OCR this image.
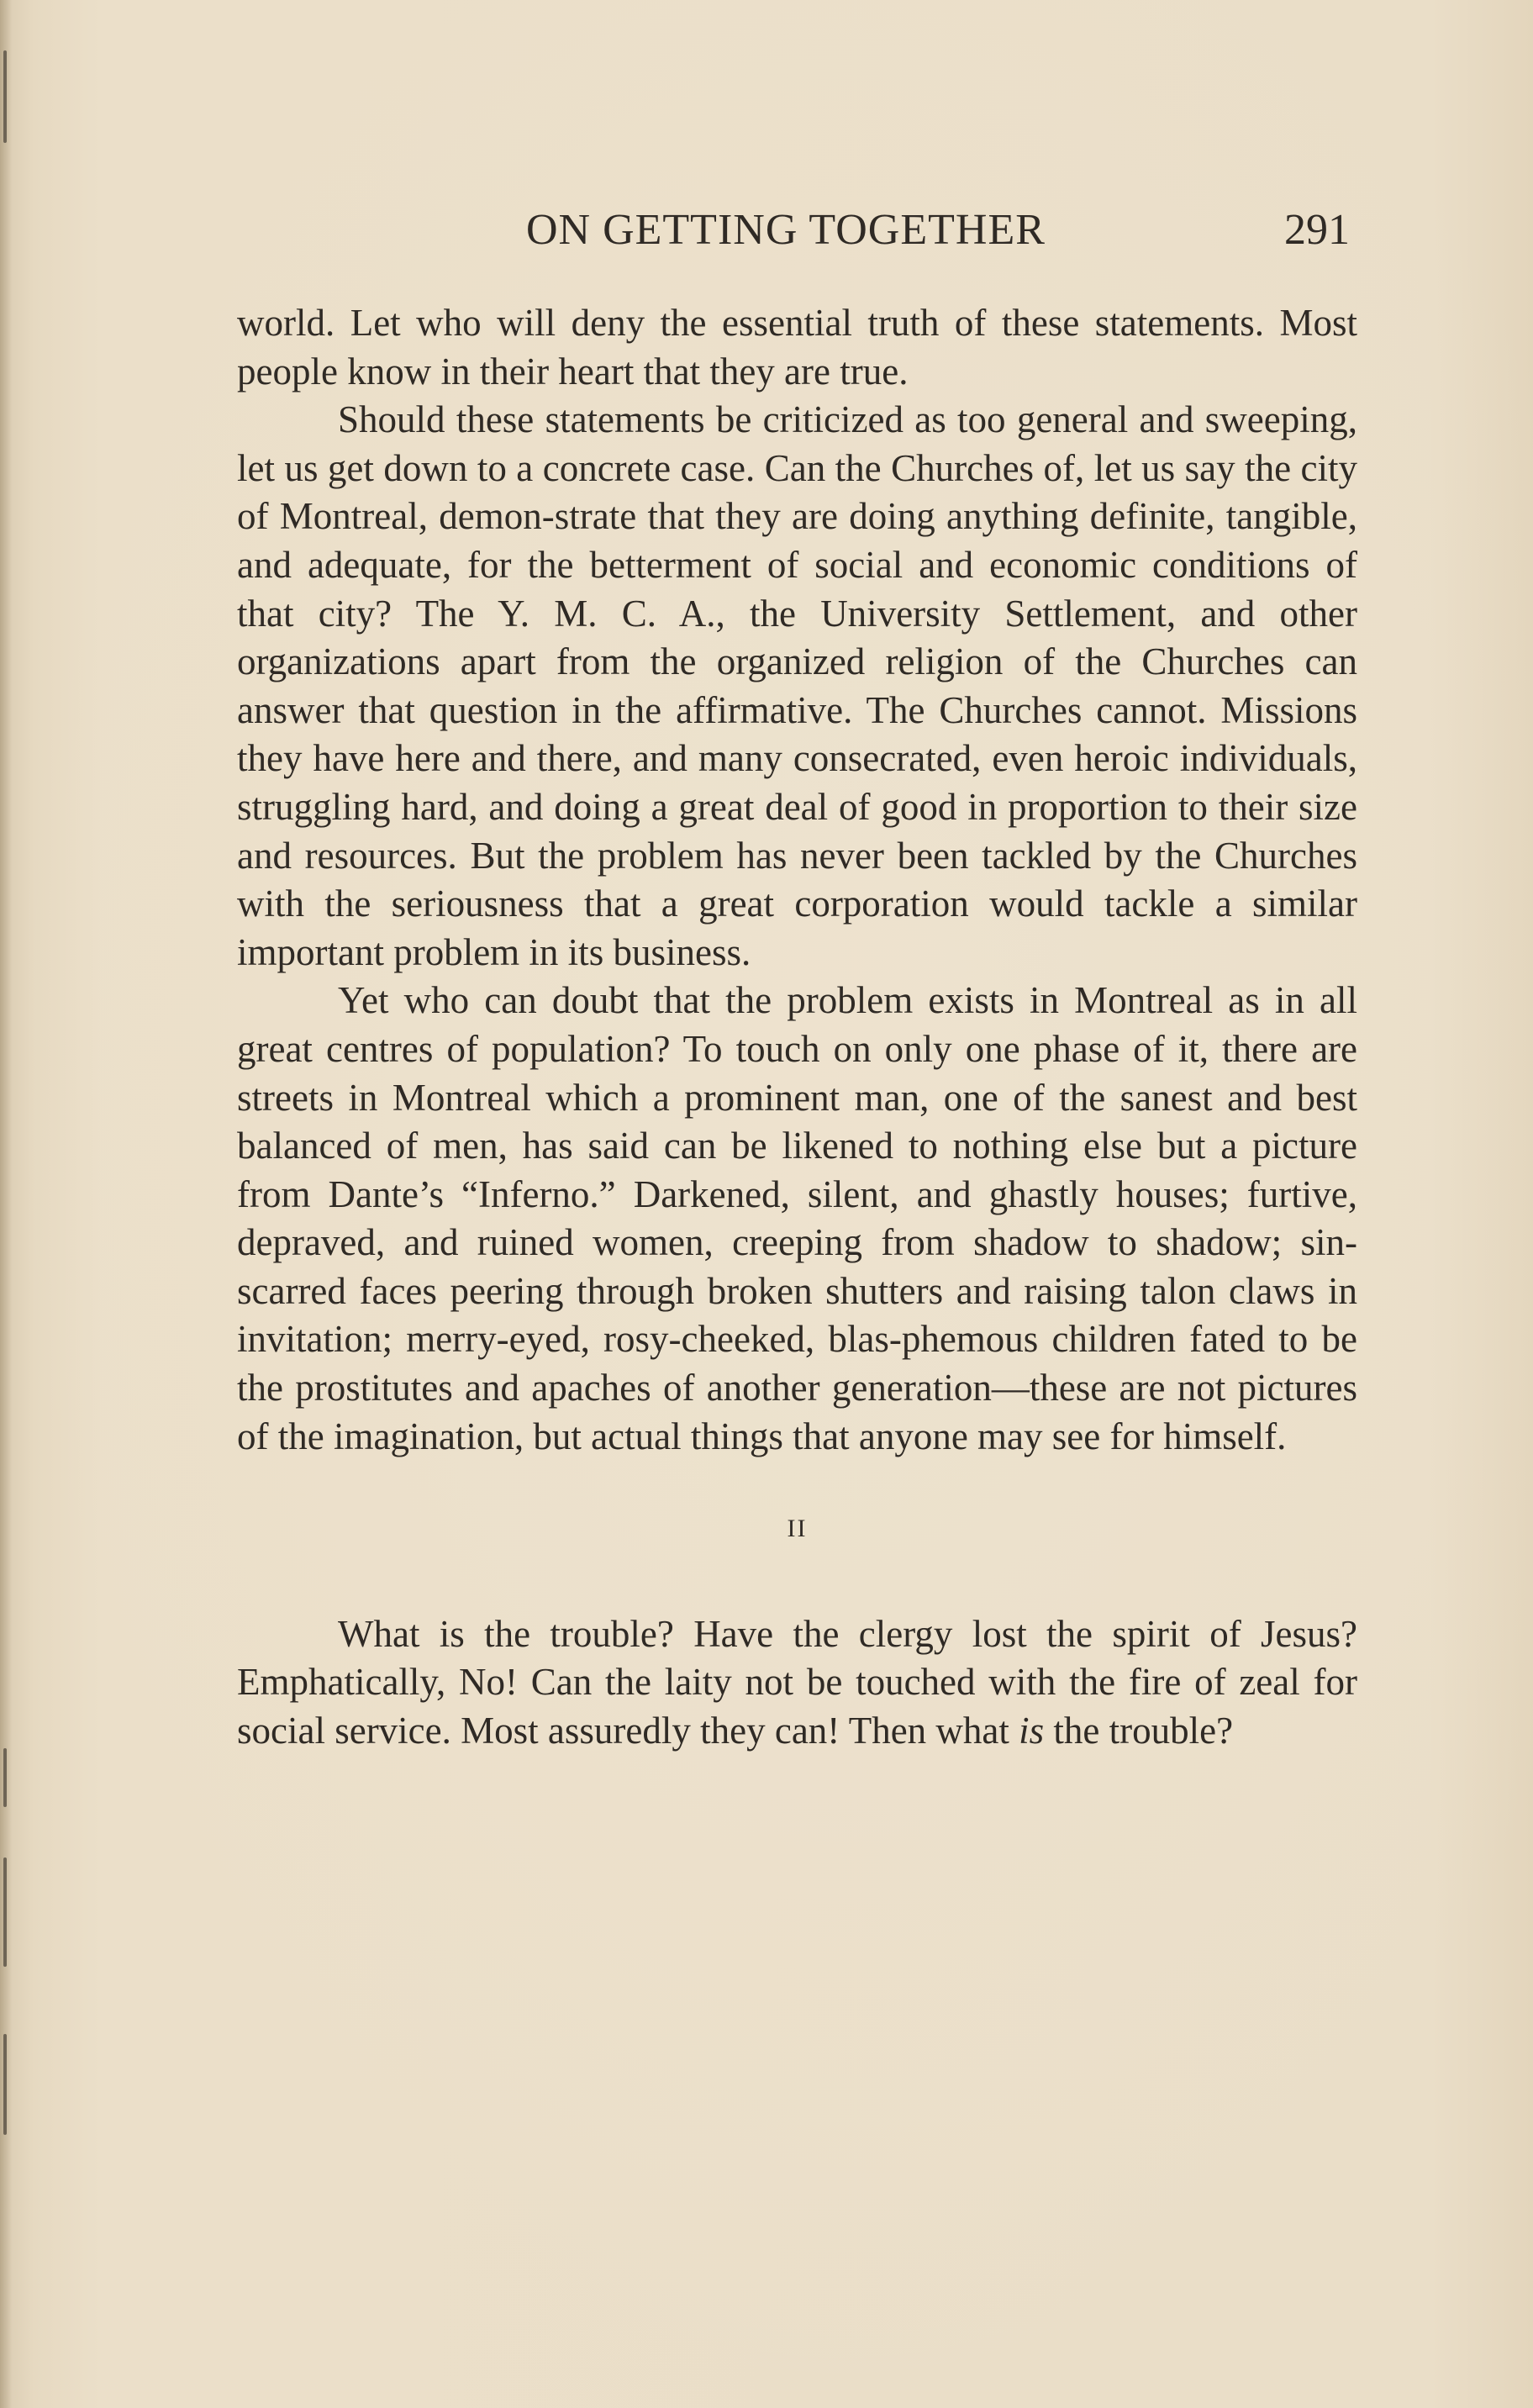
ON GETTING TOGETHER	291

world. Let who will deny the essential truth of these statements. Most people know in their heart that they are true.

Should these statements be criticized as too general and sweeping, let us get down to a concrete case. Can the Churches of, let us say the city of Montreal, demon-strate that they are doing anything definite, tangible, and adequate, for the betterment of social and economic conditions of that city? The Y. M. C. A., the University Settlement, and other organizations apart from the organized religion of the Churches can answer that question in the affirmative. The Churches cannot. Missions they have here and there, and many consecrated, even heroic individuals, struggling hard, and doing a great deal of good in proportion to their size and resources. But the problem has never been tackled by the Churches with the seriousness that a great corporation would tackle a similar important problem in its business.

Yet who can doubt that the problem exists in Montreal as in all great centres of population? To touch on only one phase of it, there are streets in Montreal which a prominent man, one of the sanest and best balanced of men, has said can be likened to nothing else but a picture from Dante’s “Inferno.” Darkened, silent, and ghastly houses; furtive, depraved, and ruined women, creeping from shadow to shadow; sin-scarred faces peering through broken shutters and raising talon claws in invitation; merry-eyed, rosy-cheeked, blas-phemous children fated to be the prostitutes and apaches of another generation—these are not pictures of the imagination, but actual things that anyone may see for himself.

II

What is the trouble? Have the clergy lost the spirit of Jesus? Emphatically, No! Can the laity not be touched with the fire of zeal for social service. Most assuredly they can! Then what is the trouble?
